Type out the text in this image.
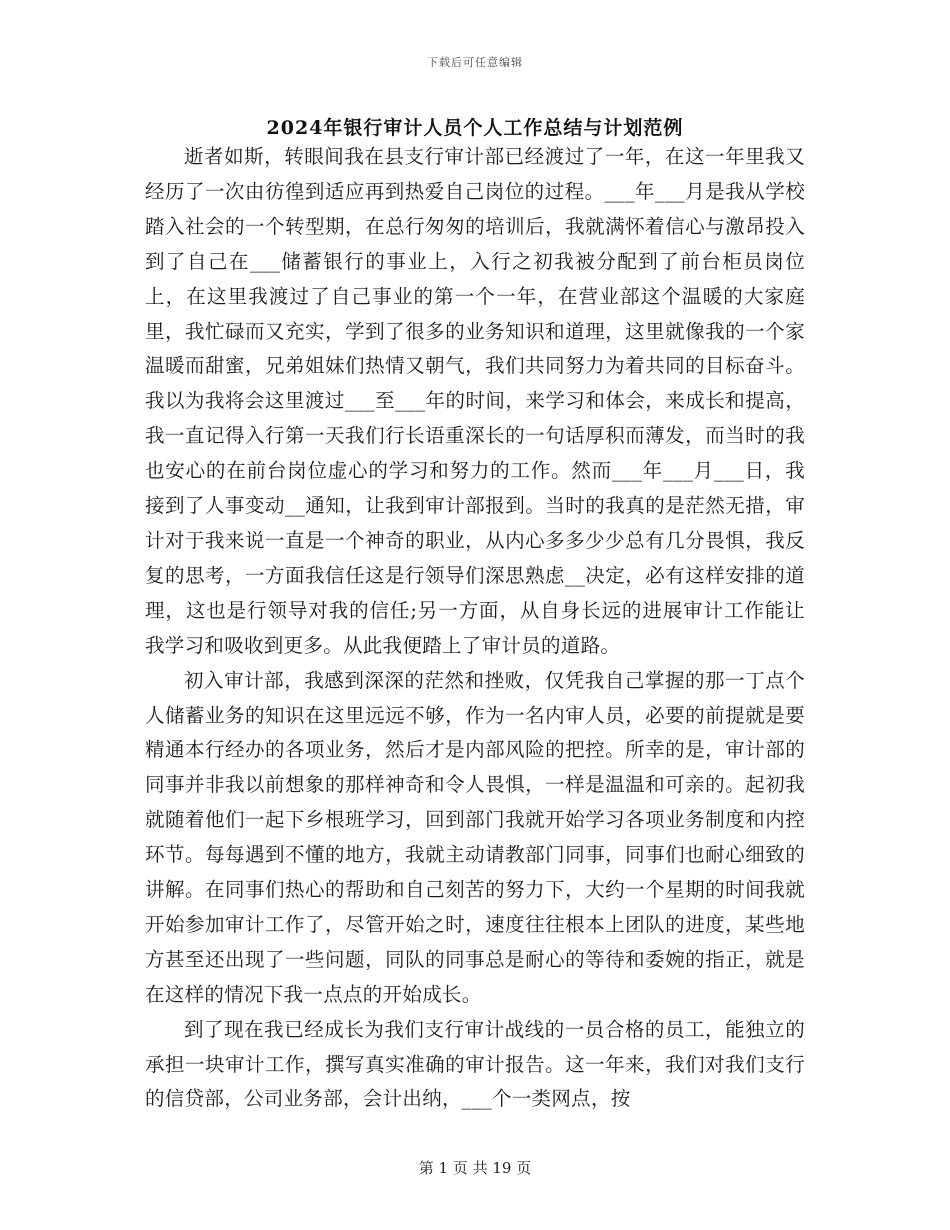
下载后可任意编辑
2024年银行审计人员个人工作总结与计划范例

逝者如斯，转眼间我在县支行审计部已经渡过了一年，在这一年里我又经历了一次由彷徨到适应再到热爱自己岗位的过程。___年___月是我从学校踏入社会的一个转型期，在总行匆匆的培训后，我就满怀着信心与激昂投入到了自己在___储蓄银行的事业上，入行之初我被分配到了前台柜员岗位上，在这里我渡过了自己事业的第一个一年，在营业部这个温暖的大家庭里，我忙碌而又充实，学到了很多的业务知识和道理，这里就像我的一个家温暖而甜蜜，兄弟姐妹们热情又朝气，我们共同努力为着共同的目标奋斗。我以为我将会这里渡过___至___年的时间，来学习和体会，来成长和提高，我一直记得入行第一天我们行长语重深长的一句话厚积而薄发，而当时的我也安心的在前台岗位虚心的学习和努力的工作。然而___年___月___日，我接到了人事变动__通知，让我到审计部报到。当时的我真的是茫然无措，审计对于我来说一直是一个神奇的职业，从内心多多少少总有几分畏惧，我反复的思考，一方面我信任这是行领导们深思熟虑__决定，必有这样安排的道理，这也是行领导对我的信任;另一方面，从自身长远的进展审计工作能让我学习和吸收到更多。从此我便踏上了审计员的道路。

初入审计部，我感到深深的茫然和挫败，仅凭我自己掌握的那一丁点个人储蓄业务的知识在这里远远不够，作为一名内审人员，必要的前提就是要精通本行经办的各项业务，然后才是内部风险的把控。所幸的是，审计部的同事并非我以前想象的那样神奇和令人畏惧，一样是温温和可亲的。起初我就随着他们一起下乡根班学习，回到部门我就开始学习各项业务制度和内控环节。每每遇到不懂的地方，我就主动请教部门同事，同事们也耐心细致的讲解。在同事们热心的帮助和自己刻苦的努力下，大约一个星期的时间我就开始参加审计工作了，尽管开始之时，速度往往根本上团队的进度，某些地方甚至还出现了一些问题，同队的同事总是耐心的等待和委婉的指正，就是在这样的情况下我一点点的开始成长。

到了现在我已经成长为我们支行审计战线的一员合格的员工，能独立的承担一块审计工作，撰写真实准确的审计报告。这一年来，我们对我们支行的信贷部，公司业务部，会计出纳，___个一类网点，按

第 1 页 共 19 页
